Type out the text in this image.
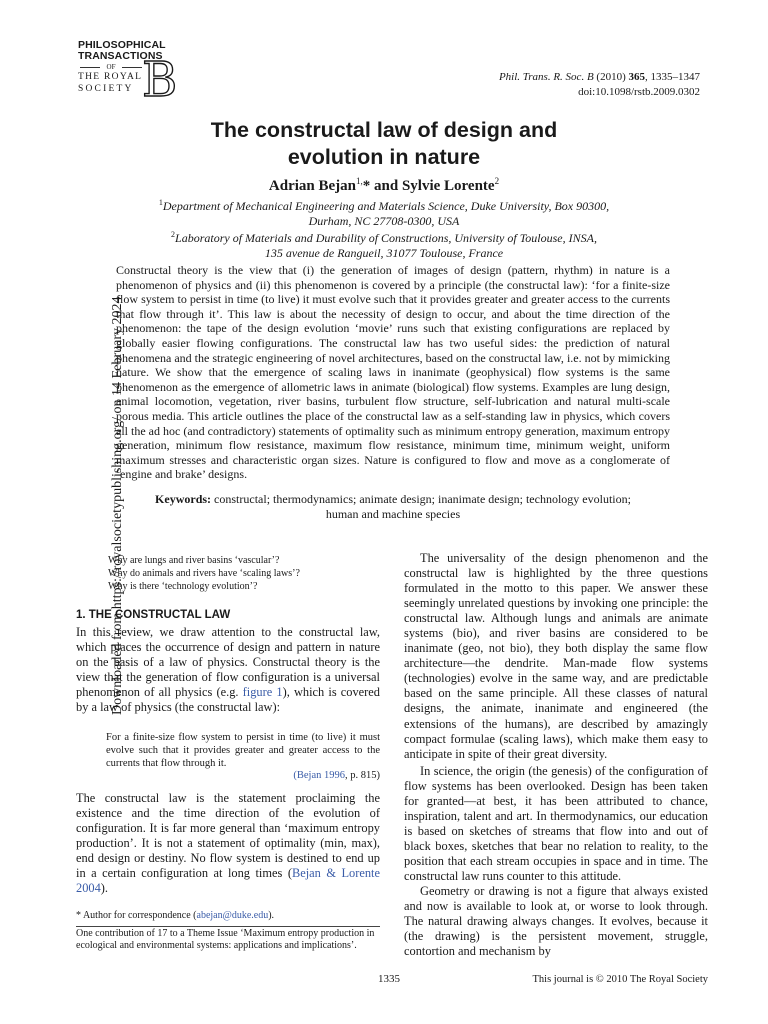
PHILOSOPHICAL
TRANSACTIONS
OF
THE ROYAL
SOCIETY B	Phil. Trans. R. Soc. B (2010) 365, 1335–1347
doi:10.1098/rstb.2009.0302
The constructal law of design and
evolution in nature
Adrian Bejan$^{1,}$* and Sylvie Lorente$^2$
$^1$Department of Mechanical Engineering and Materials Science, Duke University, Box 90300,
Durham, NC 27708-0300, USA
$^2$Laboratory of Materials and Durability of Constructions, University of Toulouse, INSA,
135 avenue de Rangueil, 31077 Toulouse, France
Constructal theory is the view that (i) the generation of images of design (pattern, rhythm) in nature is a phenomenon of physics and (ii) this phenomenon is covered by a principle (the constructal law): ‘for a finite-size flow system to persist in time (to live) it must evolve such that it provides greater and greater access to the currents that flow through it’. This law is about the necessity of design to occur, and about the time direction of the phenomenon: the tape of the design evolution ‘movie’ runs such that existing configurations are replaced by globally easier flowing configurations. The constructal law has two useful sides: the prediction of natural phenomena and the strategic engineering of novel architectures, based on the constructal law, i.e. not by mimicking nature. We show that the emergence of scaling laws in inanimate (geophysical) flow systems is the same phenomenon as the emergence of allometric laws in animate (biological) flow systems. Examples are lung design, animal locomotion, vegetation, river basins, turbulent flow structure, self-lubrication and natural multi-scale porous media. This article outlines the place of the constructal law as a self-standing law in physics, which covers all the ad hoc (and contradictory) statements of optimality such as minimum entropy generation, maximum entropy generation, minimum flow resistance, maximum flow resistance, minimum time, minimum weight, uniform maximum stresses and characteristic organ sizes. Nature is configured to flow and move as a conglomerate of ‘engine and brake’ designs.
Keywords: constructal; thermodynamics; animate design; inanimate design; technology evolution;
human and machine species
Downloaded from https://royalsocietypublishing.org/ on 14 February 2024
Why are lungs and river basins ‘vascular’?
Why do animals and rivers have ‘scaling laws’?
Why is there ‘technology evolution’?
1. THE CONSTRUCTAL LAW
In this review, we draw attention to the constructal law, which places the occurrence of design and pattern in nature on the basis of a law of physics. Constructal theory is the view that the generation of flow configuration is a universal phenomenon of all physics (e.g. figure 1), which is covered by a law of physics (the constructal law):
For a finite-size flow system to persist in time (to live) it must evolve such that it provides greater and greater access to the currents that flow through it.
(Bejan 1996, p. 815)
The constructal law is the statement proclaiming the existence and the time direction of the evolution of configuration. It is far more general than ‘maximum entropy production’. It is not a statement of optimality (min, max), end design or destiny. No flow system is destined to end up in a certain configuration at long times (Bejan & Lorente 2004).
* Author for correspondence (abejan@duke.edu).
One contribution of 17 to a Theme Issue ‘Maximum entropy production in ecological and environmental systems: applications and implications’.
The universality of the design phenomenon and the constructal law is highlighted by the three questions formulated in the motto to this paper. We answer these seemingly unrelated questions by invoking one principle: the constructal law. Although lungs and animals are animate systems (bio), and river basins are considered to be inanimate (geo, not bio), they both display the same flow architecture—the dendrite. Man-made flow systems (technologies) evolve in the same way, and are predictable based on the same principle. All these classes of natural designs, the animate, inanimate and engineered (the extensions of the humans), are described by amazingly compact formulae (scaling laws), which make them easy to anticipate in spite of their great diversity.
In science, the origin (the genesis) of the configuration of flow systems has been overlooked. Design has been taken for granted—at best, it has been attributed to chance, inspiration, talent and art. In thermodynamics, our education is based on sketches of streams that flow into and out of black boxes, sketches that bear no relation to reality, to the position that each stream occupies in space and in time. The constructal law runs counter to this attitude.
Geometry or drawing is not a figure that always existed and now is available to look at, or worse to look through. The natural drawing always changes. It evolves, because it (the drawing) is the persistent movement, struggle, contortion and mechanism by
1335	This journal is © 2010 The Royal Society
